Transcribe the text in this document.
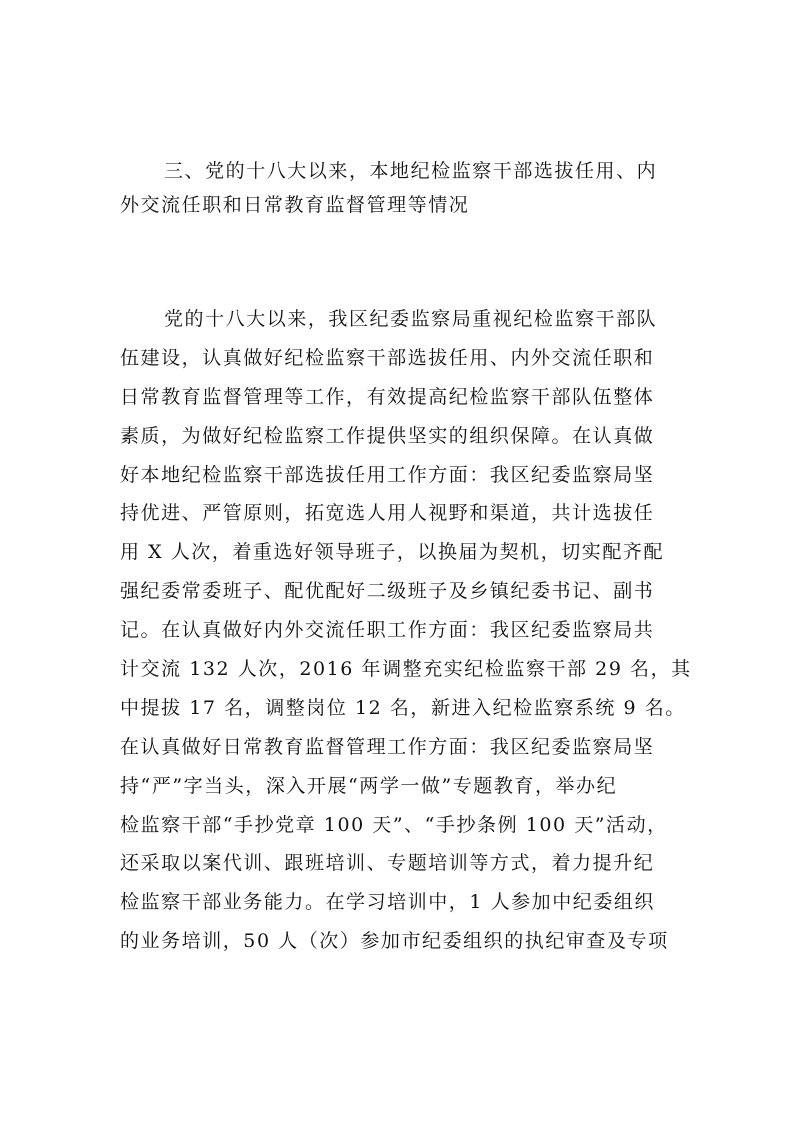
三、党的十八大以来，本地纪检监察干部选拔任用、内
外交流任职和日常教育监督管理等情况
党的十八大以来，我区纪委监察局重视纪检监察干部队
伍建设，认真做好纪检监察干部选拔任用、内外交流任职和
日常教育监督管理等工作，有效提高纪检监察干部队伍整体
素质，为做好纪检监察工作提供坚实的组织保障。在认真做
好本地纪检监察干部选拔任用工作方面：我区纪委监察局坚
持优进、严管原则，拓宽选人用人视野和渠道，共计选拔任
用 X 人次，着重选好领导班子，以换届为契机，切实配齐配
强纪委常委班子、配优配好二级班子及乡镇纪委书记、副书
记。在认真做好内外交流任职工作方面：我区纪委监察局共
计交流 132 人次，2016 年调整充实纪检监察干部 29 名，其
中提拔 17 名，调整岗位 12 名，新进入纪检监察系统 9 名。
在认真做好日常教育监督管理工作方面：我区纪委监察局坚
持“严”字当头，深入开展“两学一做”专题教育，举办纪
检监察干部“手抄党章 100 天”、“手抄条例 100 天”活动，
还采取以案代训、跟班培训、专题培训等方式，着力提升纪
检监察干部业务能力。在学习培训中，1 人参加中纪委组织
的业务培训，50 人（次）参加市纪委组织的执纪审查及专项
